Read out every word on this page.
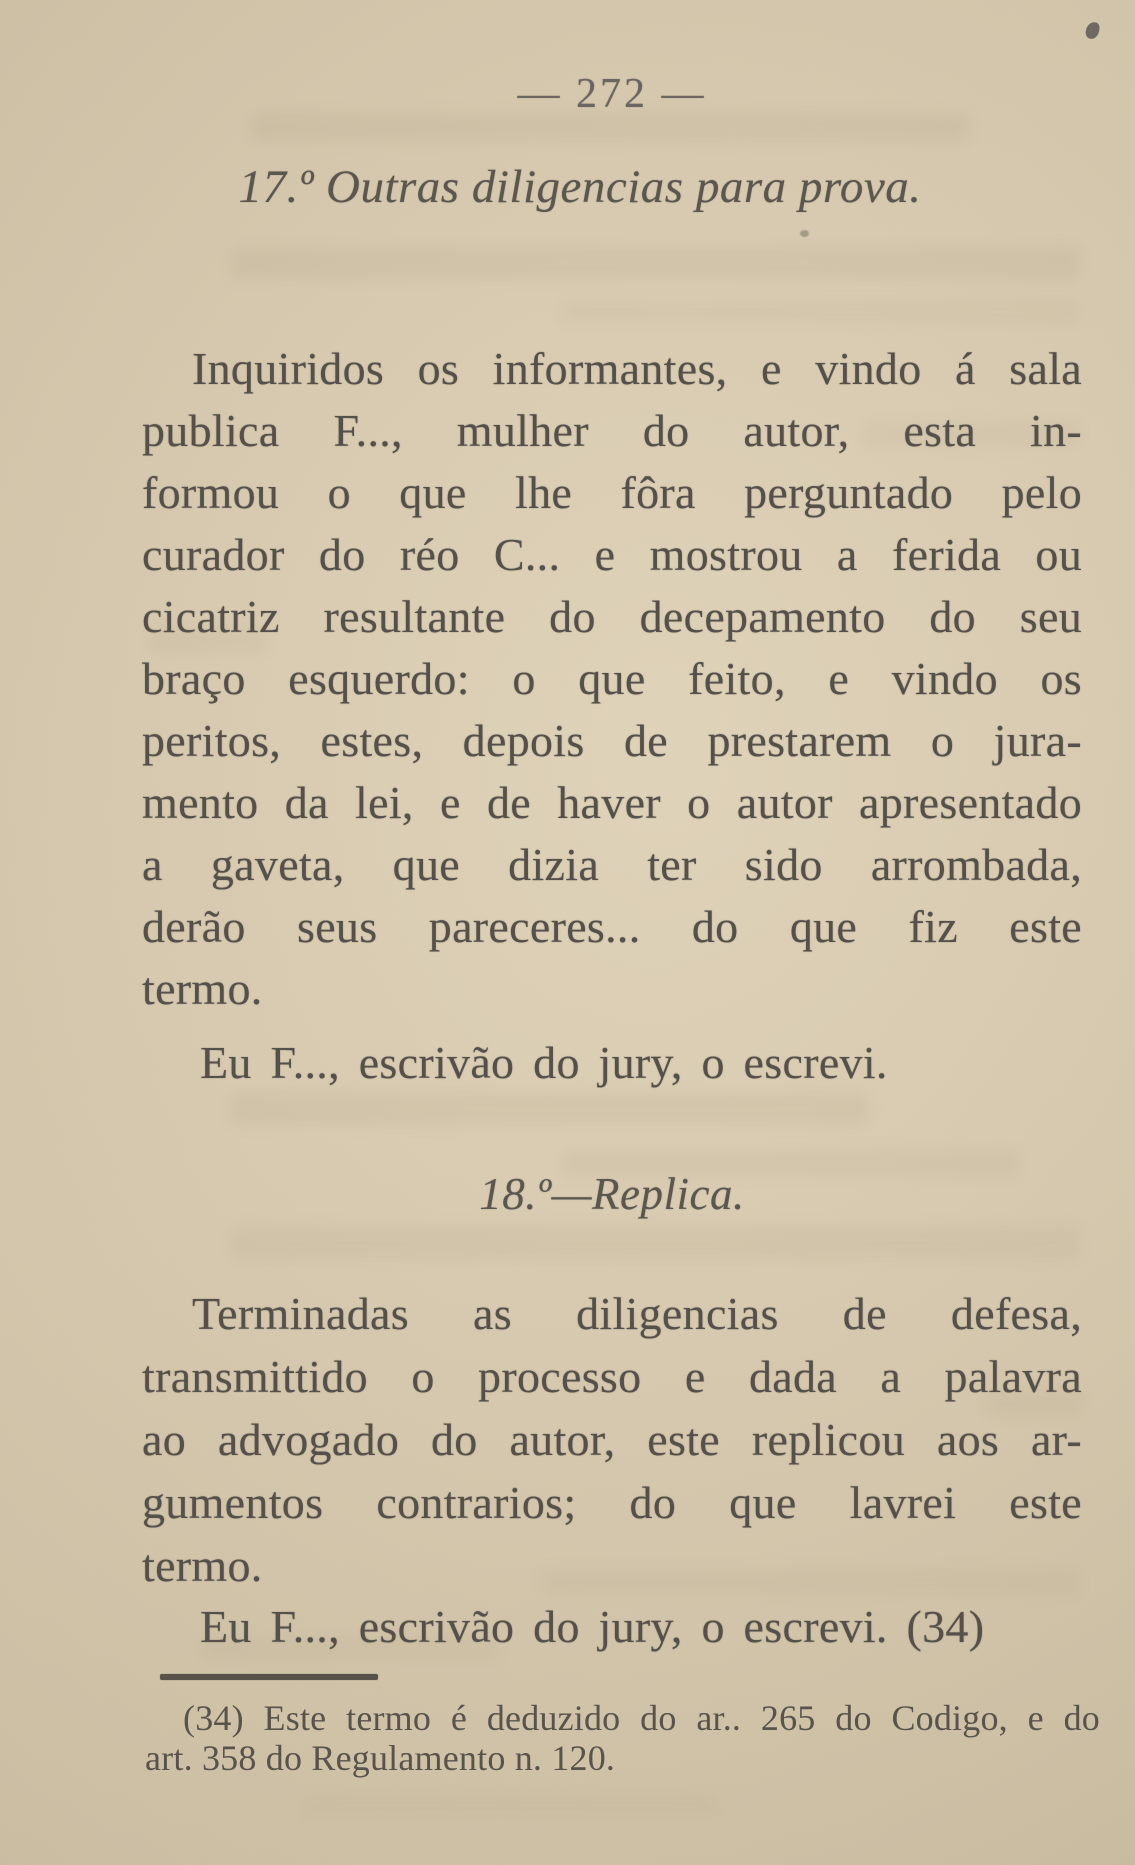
— 272 —
17.º Outras diligencias para prova.
Inquiridos os informantes, e vindo á sala
publica F..., mulher do autor, esta in-
formou o que lhe fôra perguntado pelo
curador do réo C... e mostrou a ferida ou
cicatriz resultante do decepamento do seu
braço esquerdo: o que feito, e vindo os
peritos, estes, depois de prestarem o jura-
mento da lei, e de haver o autor apresentado
a gaveta, que dizia ter sido arrombada,
derão seus pareceres... do que fiz este
termo.
Eu F..., escrivão do jury, o escrevi.
18.º—Replica.
Terminadas as diligencias de defesa,
transmittido o processo e dada a palavra
ao advogado do autor, este replicou aos ar-
gumentos contrarios; do que lavrei este
termo.
Eu F..., escrivão do jury, o escrevi. (34)
(34) Este termo é deduzido do ar.. 265 do Codigo, e do
art. 358 do Regulamento n. 120.
